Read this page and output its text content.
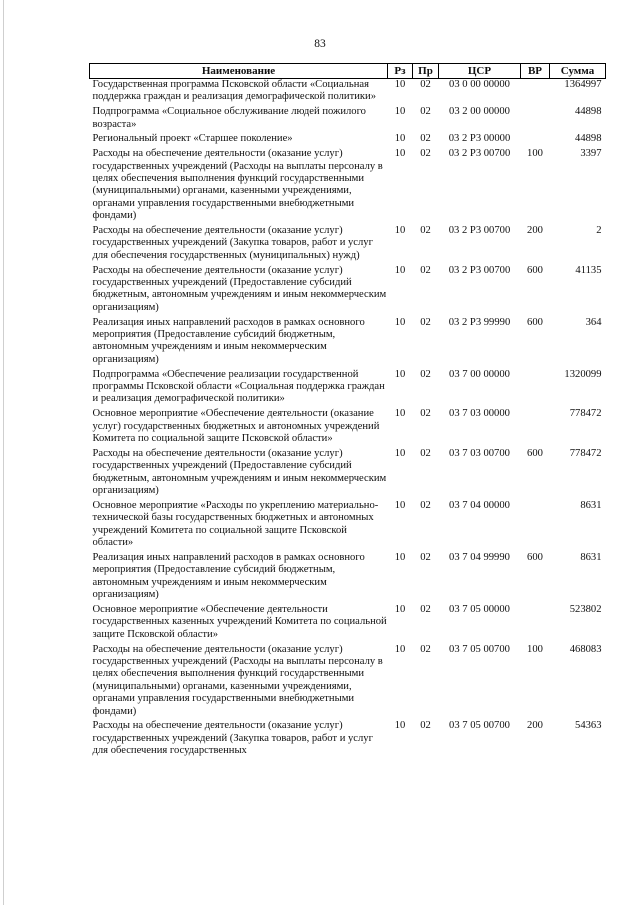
83
Наименование	Рз	Пр	ЦСР	ВР	Сумма
Государственная программа Псковской области «Социальная поддержка граждан и реализация демографической политики»	10	02	03 0 00 00000		1364997
Подпрограмма «Социальное обслуживание людей пожилого возраста»	10	02	03 2 00 00000		44898
Региональный проект «Старшее поколение»	10	02	03 2 P3 00000		44898
Расходы на обеспечение деятельности (оказание услуг) государственных учреждений (Расходы на выплаты персоналу в целях обеспечения выполнения функций государственными (муниципальными) органами, казенными учреждениями, органами управления государственными внебюджетными фондами)	10	02	03 2 P3 00700	100	3397
Расходы на обеспечение деятельности (оказание услуг) государственных учреждений (Закупка товаров, работ и услуг для обеспечения государственных (муниципальных) нужд)	10	02	03 2 P3 00700	200	2
Расходы на обеспечение деятельности (оказание услуг) государственных учреждений (Предоставление субсидий бюджетным, автономным учреждениям и иным некоммерческим организациям)	10	02	03 2 P3 00700	600	41135
Реализация иных направлений расходов в рамках основного мероприятия (Предоставление субсидий бюджетным, автономным учреждениям и иным некоммерческим организациям)	10	02	03 2 P3 99990	600	364
Подпрограмма «Обеспечение реализации государственной программы Псковской области «Социальная поддержка граждан и реализация демографической политики»	10	02	03 7 00 00000		1320099
Основное мероприятие «Обеспечение деятельности (оказание услуг) государственных бюджетных и автономных учреждений Комитета по социальной защите Псковской области»	10	02	03 7 03 00000		778472
Расходы на обеспечение деятельности (оказание услуг) государственных учреждений (Предоставление субсидий бюджетным, автономным учреждениям и иным некоммерческим организациям)	10	02	03 7 03 00700	600	778472
Основное мероприятие «Расходы по укреплению материально-технической базы государственных бюджетных и автономных учреждений Комитета по социальной защите Псковской области»	10	02	03 7 04 00000		8631
Реализация иных направлений расходов в рамках основного мероприятия (Предоставление субсидий бюджетным, автономным учреждениям и иным некоммерческим организациям)	10	02	03 7 04 99990	600	8631
Основное мероприятие «Обеспечение деятельности государственных казенных учреждений Комитета по социальной защите Псковской области»	10	02	03 7 05 00000		523802
Расходы на обеспечение деятельности (оказание услуг) государственных учреждений (Расходы на выплаты персоналу в целях обеспечения выполнения функций государственными (муниципальными) органами, казенными учреждениями, органами управления государственными внебюджетными фондами)	10	02	03 7 05 00700	100	468083
Расходы на обеспечение деятельности (оказание услуг) государственных учреждений (Закупка товаров, работ и услуг для обеспечения государственных	10	02	03 7 05 00700	200	54363
